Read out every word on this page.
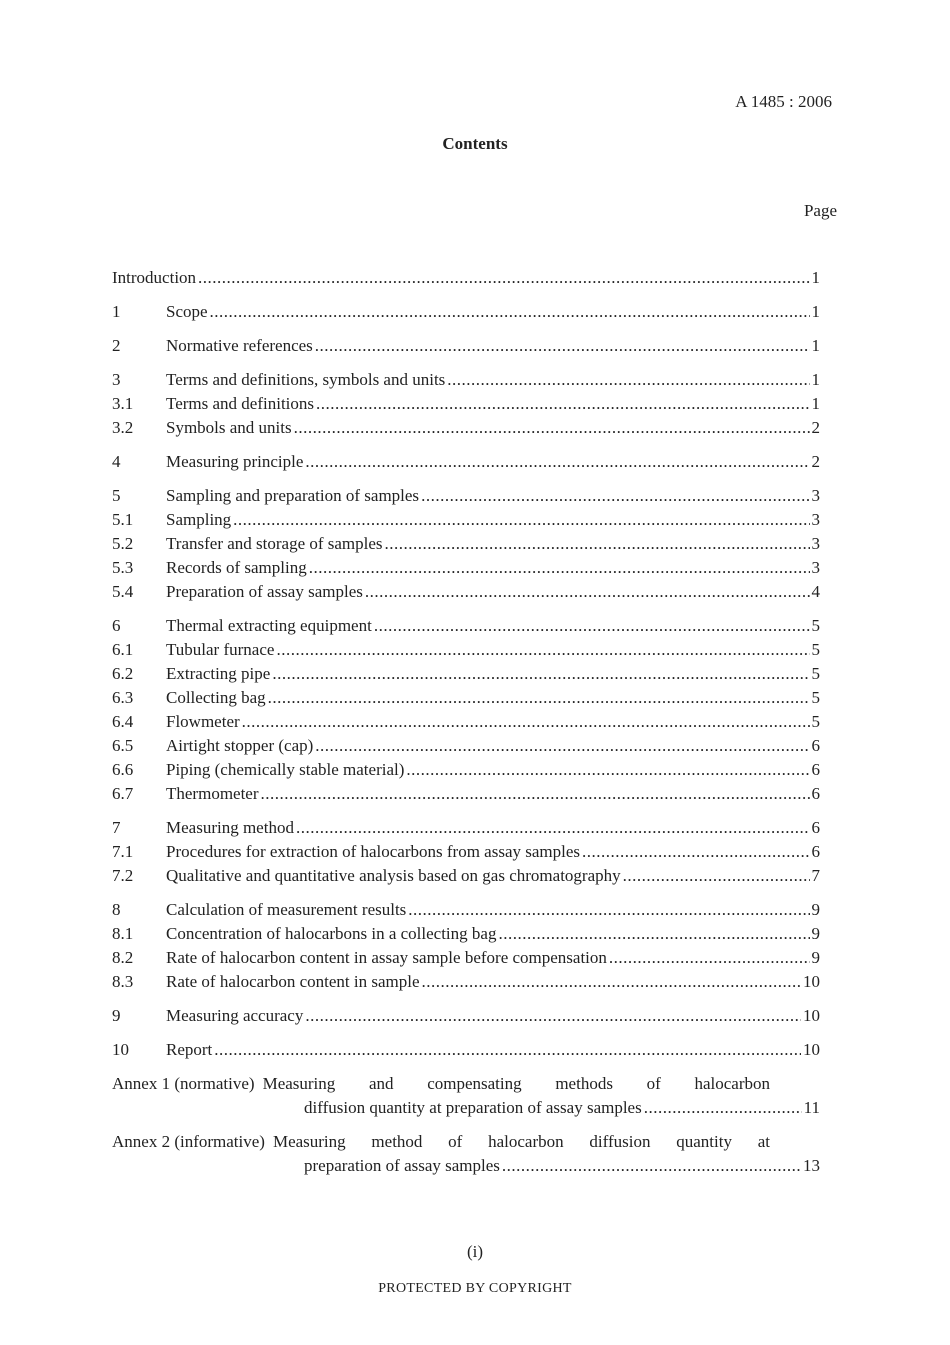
A 1485 : 2006
Contents
Page
Introduction .....	1
1	Scope .....	1
2	Normative references .....	1
3	Terms and definitions, symbols and units .....	1
3.1 Terms and definitions .....	1
3.2 Symbols and units .....	2
4	Measuring principle .....	2
5	Sampling and preparation of samples .....	3
5.1 Sampling .....	3
5.2 Transfer and storage of samples .....	3
5.3 Records of sampling .....	3
5.4 Preparation of assay samples .....	4
6	Thermal extracting equipment .....	5
6.1 Tubular furnace .....	5
6.2 Extracting pipe .....	5
6.3 Collecting bag .....	5
6.4 Flowmeter .....	5
6.5 Airtight stopper (cap) .....	6
6.6 Piping (chemically stable material) .....	6
6.7 Thermometer .....	6
7	Measuring method .....	6
7.1 Procedures for extraction of halocarbons from assay samples .....	6
7.2 Qualitative and quantitative analysis based on gas chromatography .....	7
8	Calculation of measurement results .....	9
8.1 Concentration of halocarbons in a collecting bag .....	9
8.2 Rate of halocarbon content in assay sample before compensation .....	9
8.3 Rate of halocarbon content in sample .....	10
9	Measuring accuracy .....	10
10 Report .....	10
Annex 1 (normative) Measuring and compensating methods of halocarbon
diffusion quantity at preparation of assay samples .....	11
Annex 2 (informative) Measuring method of halocarbon diffusion quantity at
preparation of assay samples .....	13
(i)
PROTECTED BY COPYRIGHT
